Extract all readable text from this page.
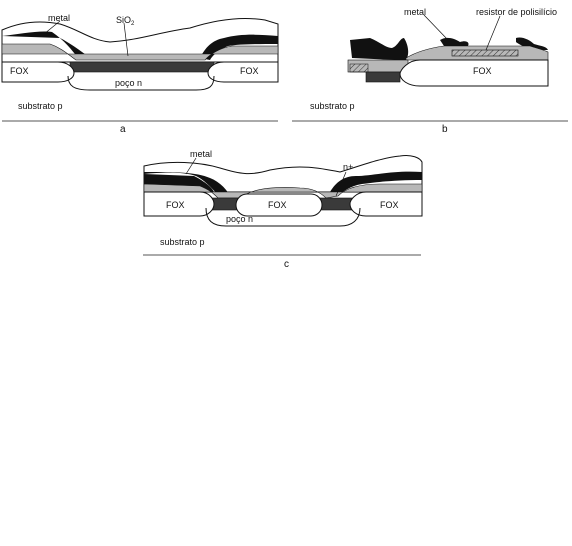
metal	SiO$_2$
FOX	FOX
poço n
substrato p
a
metal	resistor de polisilício
FOX
substrato p
b
metal
n+
FOX	FOX	FOX
poço n
substrato p
c
